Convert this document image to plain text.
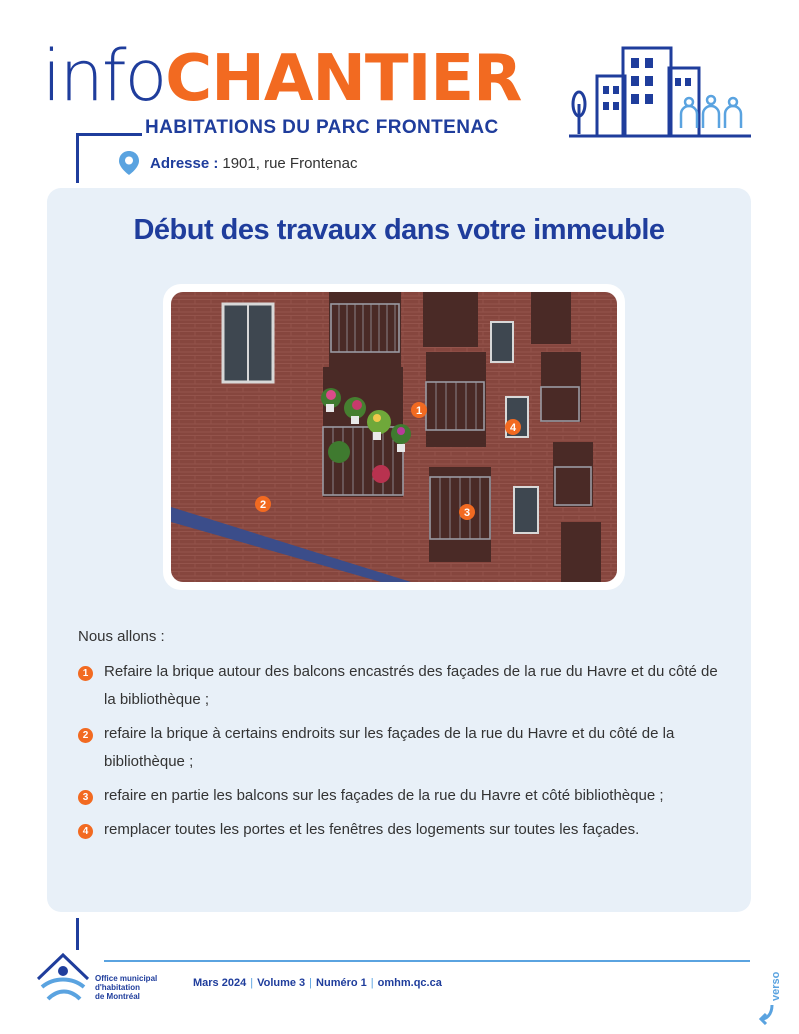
infoCHANTIER
HABITATIONS DU PARC FRONTENAC
Adresse : 1901, rue Frontenac
Début des travaux dans votre immeuble
1
2
3
4
Nous allons :
1	Refaire la brique autour des balcons encastrés des façades de la rue du Havre et du côté de la bibliothèque ;
2	refaire la brique à certains endroits sur les façades de la rue du Havre et du côté de la bibliothèque ;
3	refaire en partie les balcons sur les façades de la rue du Havre et côté bibliothèque ;
4	remplacer toutes les portes et les fenêtres des logements sur toutes les façades.
Office municipal
d'habitation
de Montréal
Mars 2024 | Volume 3 | Numéro 1 | omhm.qc.ca	verso
